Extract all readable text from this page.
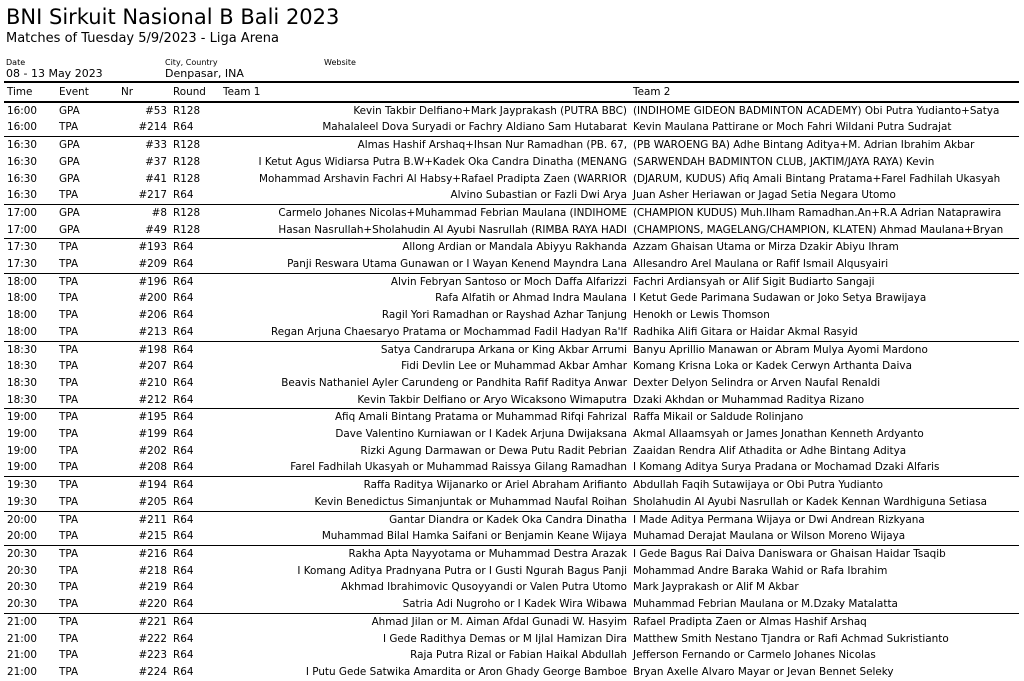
BNI Sirkuit Nasional B Bali 2023
Matches of Tuesday 5/9/2023 - Liga Arena
Date
08 - 13 May 2023
City, Country
Denpasar, INA
Website
Time	Event	Nr	Round	Team 1	Team 2
16:00	GPA	#53	R128	Kevin Takbir Delfiano+Mark Jayprakash (PUTRA BBC)	(INDIHOME GIDEON BADMINTON ACADEMY) Obi Putra Yudianto+Satya
16:00	TPA	#214	R64	Mahalaleel Dova Suryadi or Fachry Aldiano Sam Hutabarat	Kevin Maulana Pattirane or Moch Fahri Wildani Putra Sudrajat
16:30	GPA	#33	R128	Almas Hashif Arshaq+Ihsan Nur Ramadhan (PB. 67,	(PB WAROENG BA) Adhe Bintang Aditya+M. Adrian Ibrahim Akbar
16:30	GPA	#37	R128	I Ketut Agus Widiarsa Putra B.W+Kadek Oka Candra Dinatha (MENANG	(SARWENDAH BADMINTON CLUB, JAKTIM/JAYA RAYA) Kevin
16:30	GPA	#41	R128	Mohammad Arshavin Fachri Al Habsy+Rafael Pradipta Zaen (WARRIOR	(DJARUM, KUDUS) Afiq Amali Bintang Pratama+Farel Fadhilah Ukasyah
16:30	TPA	#217	R64	Alvino Subastian or Fazli Dwi Arya	Juan Asher Heriawan or Jagad Setia Negara Utomo
17:00	GPA	#8	R128	Carmelo Johanes Nicolas+Muhammad Febrian Maulana (INDIHOME	(CHAMPION KUDUS) Muh.Ilham Ramadhan.An+R.A Adrian Nataprawira
17:00	GPA	#49	R128	Hasan Nasrullah+Sholahudin Al Ayubi Nasrullah (RIMBA RAYA HADI	(CHAMPIONS, MAGELANG/CHAMPION, KLATEN) Ahmad Maulana+Bryan
17:30	TPA	#193	R64	Allong Ardian or Mandala Abiyyu Rakhanda	Azzam Ghaisan Utama or Mirza Dzakir Abiyu Ihram
17:30	TPA	#209	R64	Panji Reswara Utama Gunawan or I Wayan Kenend Mayndra Lana	Allesandro Arel Maulana or Rafif Ismail Alqusyairi
18:00	TPA	#196	R64	Alvin Febryan Santoso or Moch Daffa Alfarizzi	Fachri Ardiansyah or Alif Sigit Budiarto Sangaji
18:00	TPA	#200	R64	Rafa Alfatih or Ahmad Indra Maulana	I Ketut Gede Parimana Sudawan or Joko Setya Brawijaya
18:00	TPA	#206	R64	Ragil Yori Ramadhan or Rayshad Azhar Tanjung	Henokh or Lewis Thomson
18:00	TPA	#213	R64	Regan Arjuna Chaesaryo Pratama or Mochammad Fadil Hadyan Ra'lf	Radhika Alifi Gitara or Haidar Akmal Rasyid
18:30	TPA	#198	R64	Satya Candrarupa Arkana or King Akbar Arrumi	Banyu Aprillio Manawan or Abram Mulya Ayomi Mardono
18:30	TPA	#207	R64	Fidi Devlin Lee or Muhammad Akbar Amhar	Komang Krisna Loka or Kadek Cerwyn Arthanta Daiva
18:30	TPA	#210	R64	Beavis Nathaniel Ayler Carundeng or Pandhita Rafif Raditya Anwar	Dexter Delyon Selindra or Arven Naufal Renaldi
18:30	TPA	#212	R64	Kevin Takbir Delfiano or Aryo Wicaksono Wimaputra	Dzaki Akhdan or Muhammad Raditya Rizano
19:00	TPA	#195	R64	Afiq Amali Bintang Pratama or Muhammad Rifqi Fahrizal	Raffa Mikail or Saldude Rolinjano
19:00	TPA	#199	R64	Dave Valentino Kurniawan or I Kadek Arjuna Dwijaksana	Akmal Allaamsyah or James Jonathan Kenneth Ardyanto
19:00	TPA	#202	R64	Rizki Agung Darmawan or Dewa Putu Radit Pebrian	Zaaidan Rendra Alif Athadita or Adhe Bintang Aditya
19:00	TPA	#208	R64	Farel Fadhilah Ukasyah or Muhammad Raissya Gilang Ramadhan	I Komang Aditya Surya Pradana or Mochamad Dzaki Alfaris
19:30	TPA	#194	R64	Raffa Raditya Wijanarko or Ariel Abraham Arifianto	Abdullah Faqih Sutawijaya or Obi Putra Yudianto
19:30	TPA	#205	R64	Kevin Benedictus Simanjuntak or Muhammad Naufal Roihan	Sholahudin Al Ayubi Nasrullah or Kadek Kennan Wardhiguna Setiasa
20:00	TPA	#211	R64	Gantar Diandra or Kadek Oka Candra Dinatha	I Made Aditya Permana Wijaya or Dwi Andrean Rizkyana
20:00	TPA	#215	R64	Muhammad Bilal Hamka Saifani or Benjamin Keane Wijaya	Muhamad Derajat Maulana or Wilson Moreno Wijaya
20:30	TPA	#216	R64	Rakha Apta Nayyotama or Muhammad Destra Arazak	I Gede Bagus Rai Daiva Daniswara or Ghaisan Haidar Tsaqib
20:30	TPA	#218	R64	I Komang Aditya Pradnyana Putra or I Gusti Ngurah Bagus Panji	Mohammad Andre Baraka Wahid or Rafa Ibrahim
20:30	TPA	#219	R64	Akhmad Ibrahimovic Qusoyyandi or Valen Putra Utomo	Mark Jayprakash or Alif M Akbar
20:30	TPA	#220	R64	Satria Adi Nugroho or I Kadek Wira Wibawa	Muhammad Febrian Maulana or M.Dzaky Matalatta
21:00	TPA	#221	R64	Ahmad Jilan or M. Aiman Afdal Gunadi W. Hasyim	Rafael Pradipta Zaen or Almas Hashif Arshaq
21:00	TPA	#222	R64	I Gede Radithya Demas or M Ijlal Hamizan Dira	Matthew Smith Nestano Tjandra or Rafi Achmad Sukristianto
21:00	TPA	#223	R64	Raja Putra Rizal or Fabian Haikal Abdullah	Jefferson Fernando or Carmelo Johanes Nicolas
21:00	TPA	#224	R64	I Putu Gede Satwika Amardita or Aron Ghady George Bamboe	Bryan Axelle Alvaro Mayar or Jevan Bennet Seleky
